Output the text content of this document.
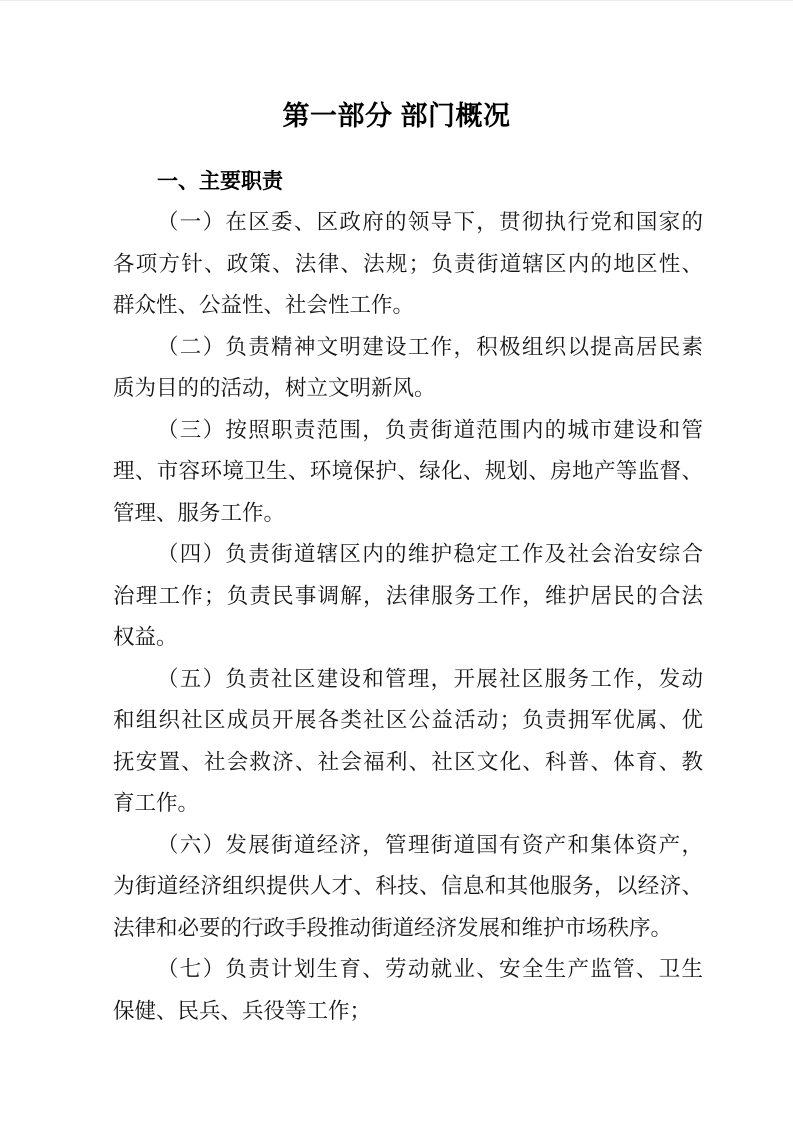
第一部分 部门概况
一、主要职责
（一）在区委、区政府的领导下，贯彻执行党和国家的
各项方针、政策、法律、法规；负责街道辖区内的地区性、
群众性、公益性、社会性工作。
（二）负责精神文明建设工作，积极组织以提高居民素
质为目的的活动，树立文明新风。
（三）按照职责范围，负责街道范围内的城市建设和管
理、市容环境卫生、环境保护、绿化、规划、房地产等监督、
管理、服务工作。
（四）负责街道辖区内的维护稳定工作及社会治安综合
治理工作；负责民事调解，法律服务工作，维护居民的合法
权益。
（五）负责社区建设和管理，开展社区服务工作，发动
和组织社区成员开展各类社区公益活动；负责拥军优属、优
抚安置、社会救济、社会福利、社区文化、科普、体育、教
育工作。
（六）发展街道经济，管理街道国有资产和集体资产，
为街道经济组织提供人才、科技、信息和其他服务，以经济、
法律和必要的行政手段推动街道经济发展和维护市场秩序。
（七）负责计划生育、劳动就业、安全生产监管、卫生
保健、民兵、兵役等工作；
